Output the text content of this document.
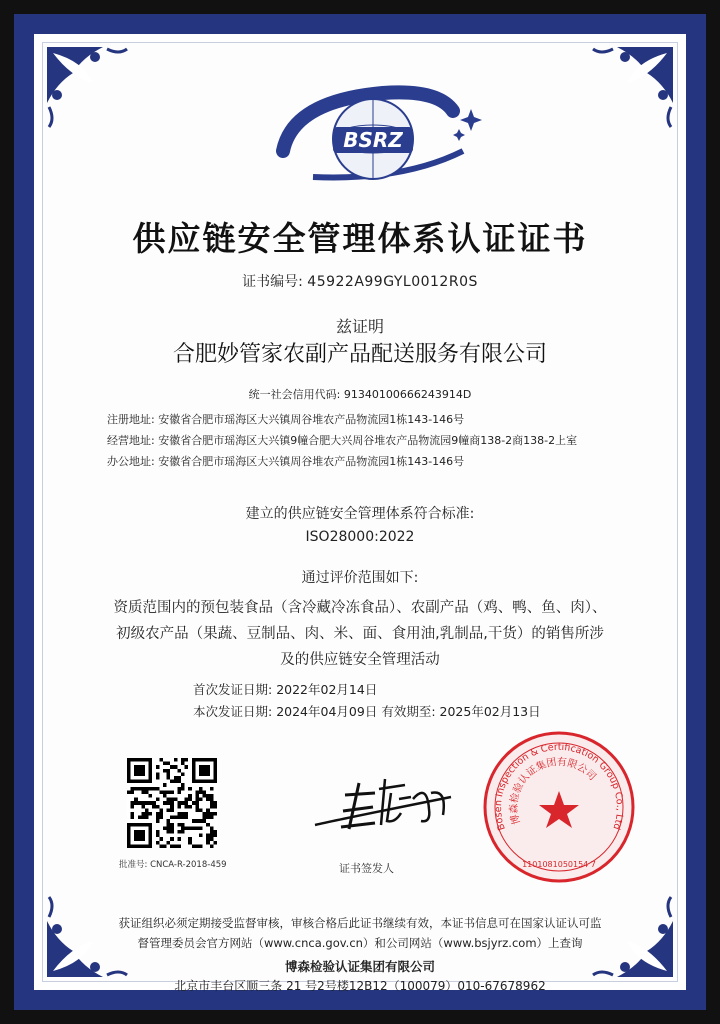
BSRZ
供应链安全管理体系认证证书
证书编号: 45922A99GYL0012R0S
兹证明
合肥妙管家农副产品配送服务有限公司
统一社会信用代码: 91340100666243914D
注册地址: 安徽省合肥市瑶海区大兴镇周谷堆农产品物流园1栋143-146号
经营地址: 安徽省合肥市瑶海区大兴镇9幢合肥大兴周谷堆农产品物流园9幢商138-2商138-2上室
办公地址: 安徽省合肥市瑶海区大兴镇周谷堆农产品物流园1栋143-146号
建立的供应链安全管理体系符合标准:
ISO28000:2022
通过评价范围如下:
资质范围内的预包装食品（含冷藏冷冻食品）、农副产品（鸡、鸭、鱼、肉）、初级农产品（果蔬、豆制品、肉、米、面、食用油,乳制品,干货）的销售所涉及的供应链安全管理活动
首次发证日期: 2022年02月14日
本次发证日期: 2024年04月09日 有效期至: 2025年02月13日
批准号: CNCA-R-2018-459	证书签发人
Bosen Inspection & Certification Group Co., Ltd
博森检验认证集团有限公司
1101081050154 7
获证组织必须定期接受监督审核，审核合格后此证书继续有效，本证书信息可在国家认证认可监督管理委员会官方网站（www.cnca.gov.cn）和公司网站（www.bsjyrz.com）上查询
博森检验认证集团有限公司
北京市丰台区顺三条 21 号2号楼12B12（100079）010-67678962
